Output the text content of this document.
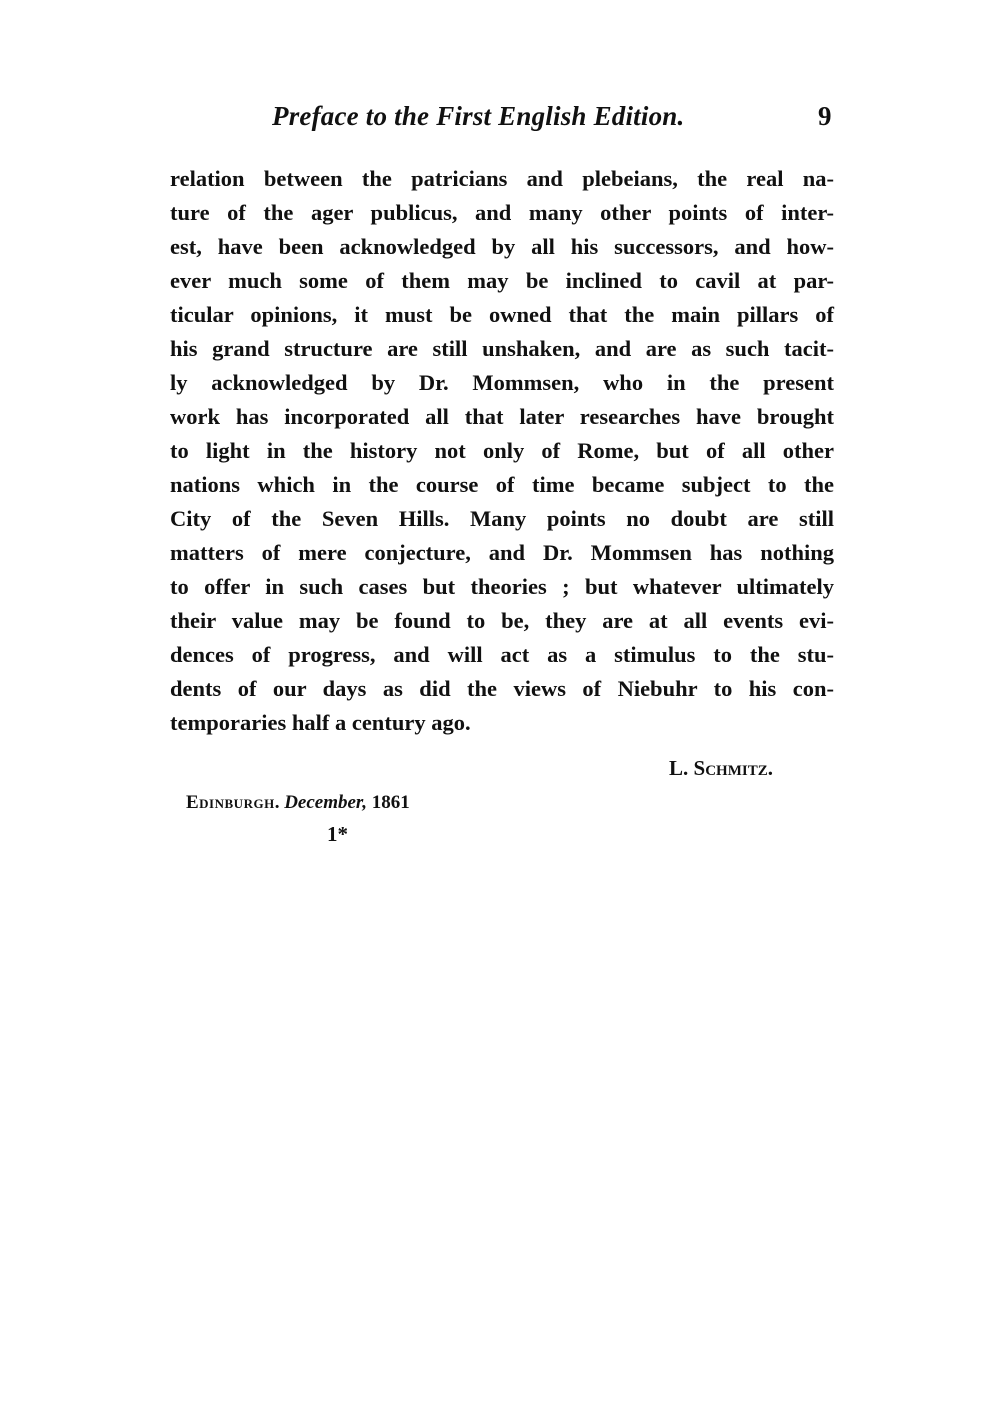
Preface to the First English Edition.	9
relation between the patricians and plebeians, the real na-
ture of the ager publicus, and many other points of inter-
est, have been acknowledged by all his successors, and how-
ever much some of them may be inclined to cavil at par-
ticular opinions, it must be owned that the main pillars of
his grand structure are still unshaken, and are as such tacit-
ly acknowledged by Dr. Mommsen, who in the present
work has incorporated all that later researches have brought
to light in the history not only of Rome, but of all other
nations which in the course of time became subject to the
City of the Seven Hills. Many points no doubt are still
matters of mere conjecture, and Dr. Mommsen has nothing
to offer in such cases but theories ; but whatever ultimately
their value may be found to be, they are at all events evi-
dences of progress, and will act as a stimulus to the stu-
dents of our days as did the views of Niebuhr to his con-
temporaries half a century ago.
L. Schmitz.
Edinburgh. December, 1861
1*
